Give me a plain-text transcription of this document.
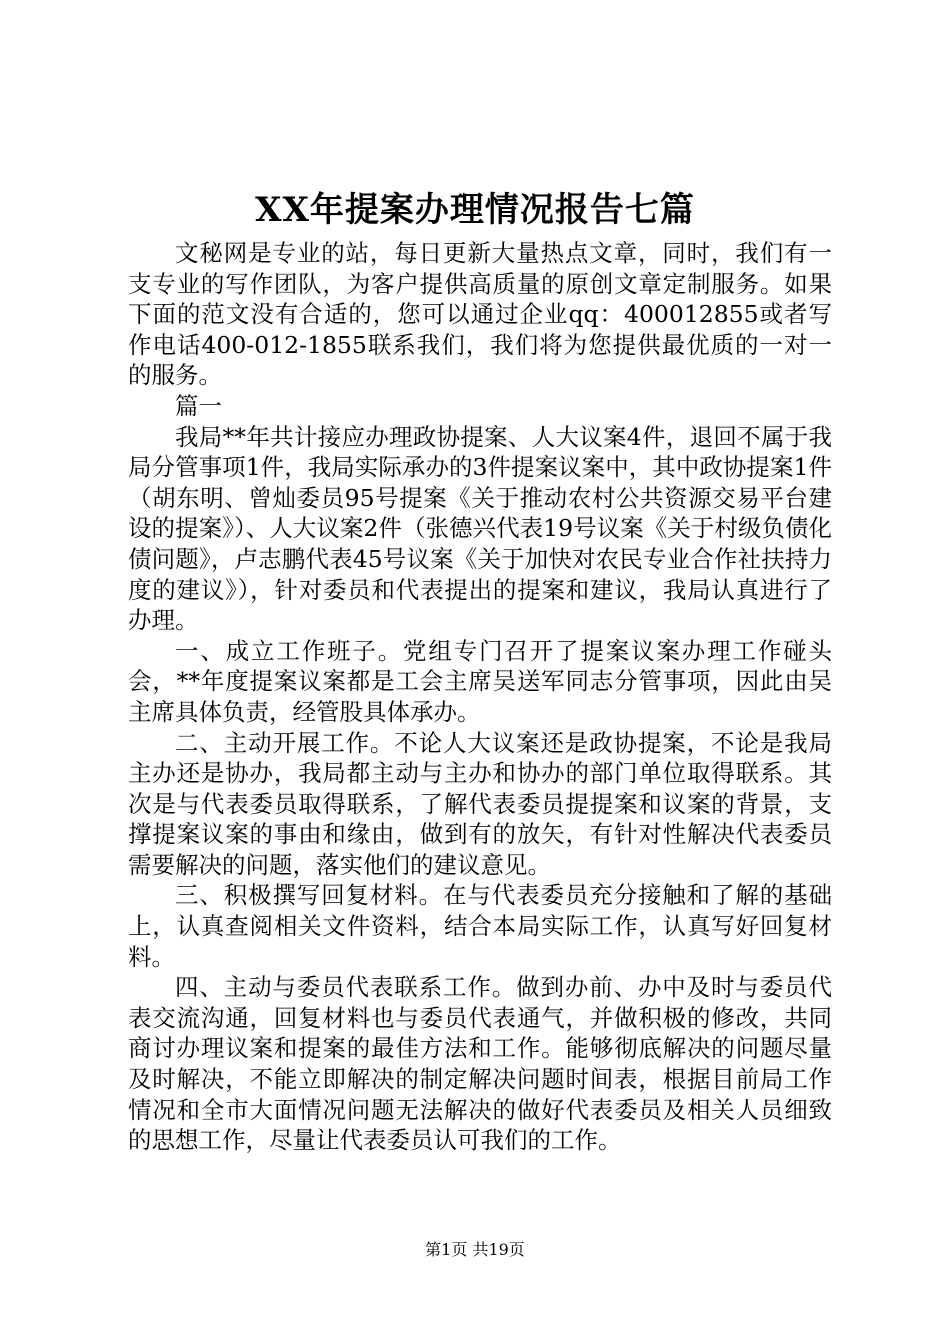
XX年提案办理情况报告七篇

文秘网是专业的站，每日更新大量热点文章，同时，我们有一支专业的写作团队，为客户提供高质量的原创文章定制服务。如果下面的范文没有合适的，您可以通过企业qq：400012855或者写作电话400-012-1855联系我们，我们将为您提供最优质的一对一的服务。

篇一

我局**年共计接应办理政协提案、人大议案4件，退回不属于我局分管事项1件，我局实际承办的3件提案议案中，其中政协提案1件（胡东明、曾灿委员95号提案《关于推动农村公共资源交易平台建设的提案》）、人大议案2件（张德兴代表19号议案《关于村级负债化债问题》，卢志鹏代表45号议案《关于加快对农民专业合作社扶持力度的建议》），针对委员和代表提出的提案和建议，我局认真进行了办理。

一、成立工作班子。党组专门召开了提案议案办理工作碰头会，**年度提案议案都是工会主席吴送军同志分管事项，因此由吴主席具体负责，经管股具体承办。

二、主动开展工作。不论人大议案还是政协提案，不论是我局主办还是协办，我局都主动与主办和协办的部门单位取得联系。其次是与代表委员取得联系，了解代表委员提提案和议案的背景，支撑提案议案的事由和缘由，做到有的放矢，有针对性解决代表委员需要解决的问题，落实他们的建议意见。

三、积极撰写回复材料。在与代表委员充分接触和了解的基础上，认真查阅相关文件资料，结合本局实际工作，认真写好回复材料。

四、主动与委员代表联系工作。做到办前、办中及时与委员代表交流沟通，回复材料也与委员代表通气，并做积极的修改，共同商讨办理议案和提案的最佳方法和工作。能够彻底解决的问题尽量及时解决，不能立即解决的制定解决问题时间表，根据目前局工作情况和全市大面情况问题无法解决的做好代表委员及相关人员细致的思想工作，尽量让代表委员认可我们的工作。

第1页 共19页
